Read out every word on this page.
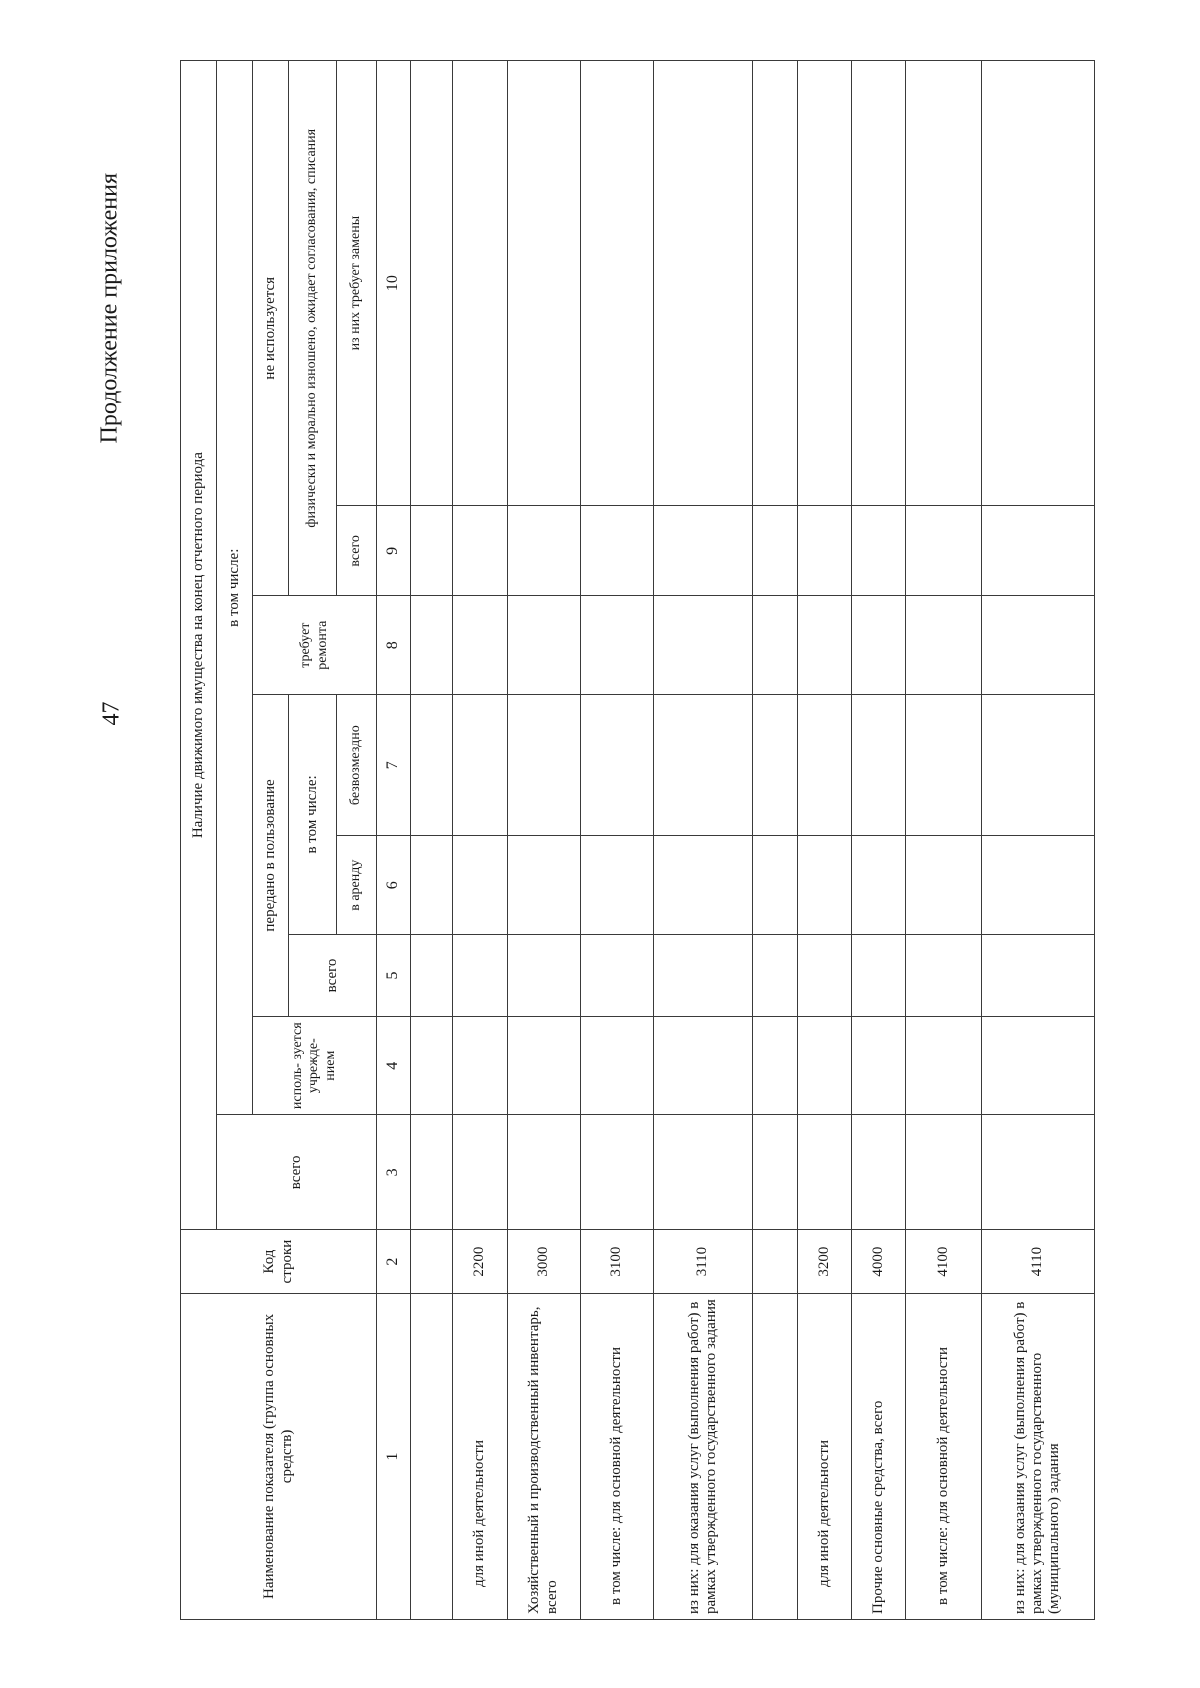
47
Продолжение приложения
Наименование показателя (группа основных средств)	Код строки	Наличие движимого имущества на конец отчетного периода							
		всего	в том числе:						
			исполь- зуется учрежде- нием	передано в пользование			требует ремонта	не используется	
				всего	в том числе:			физически и морально изношено, ожидает согласования, списания	
					в аренду	безвозмездно		всего	из них требует замены
1	2	3	4	5	6	7	8	9	10

для иной деятельности	2200								
Хозяйственный и производственный инвентарь, всего	3000								
в том числе: для основной деятельности	3100								
из них: для оказания услуг (выполнения работ) в рамках утвержденного государственного задания	3110								

для иной деятельности	3200								
Прочие основные средства, всего	4000								
в том числе: для основной деятельности	4100								
из них: для оказания услуг (выполнения работ) в рамках утвержденного государственного (муниципального) задания	4110								
